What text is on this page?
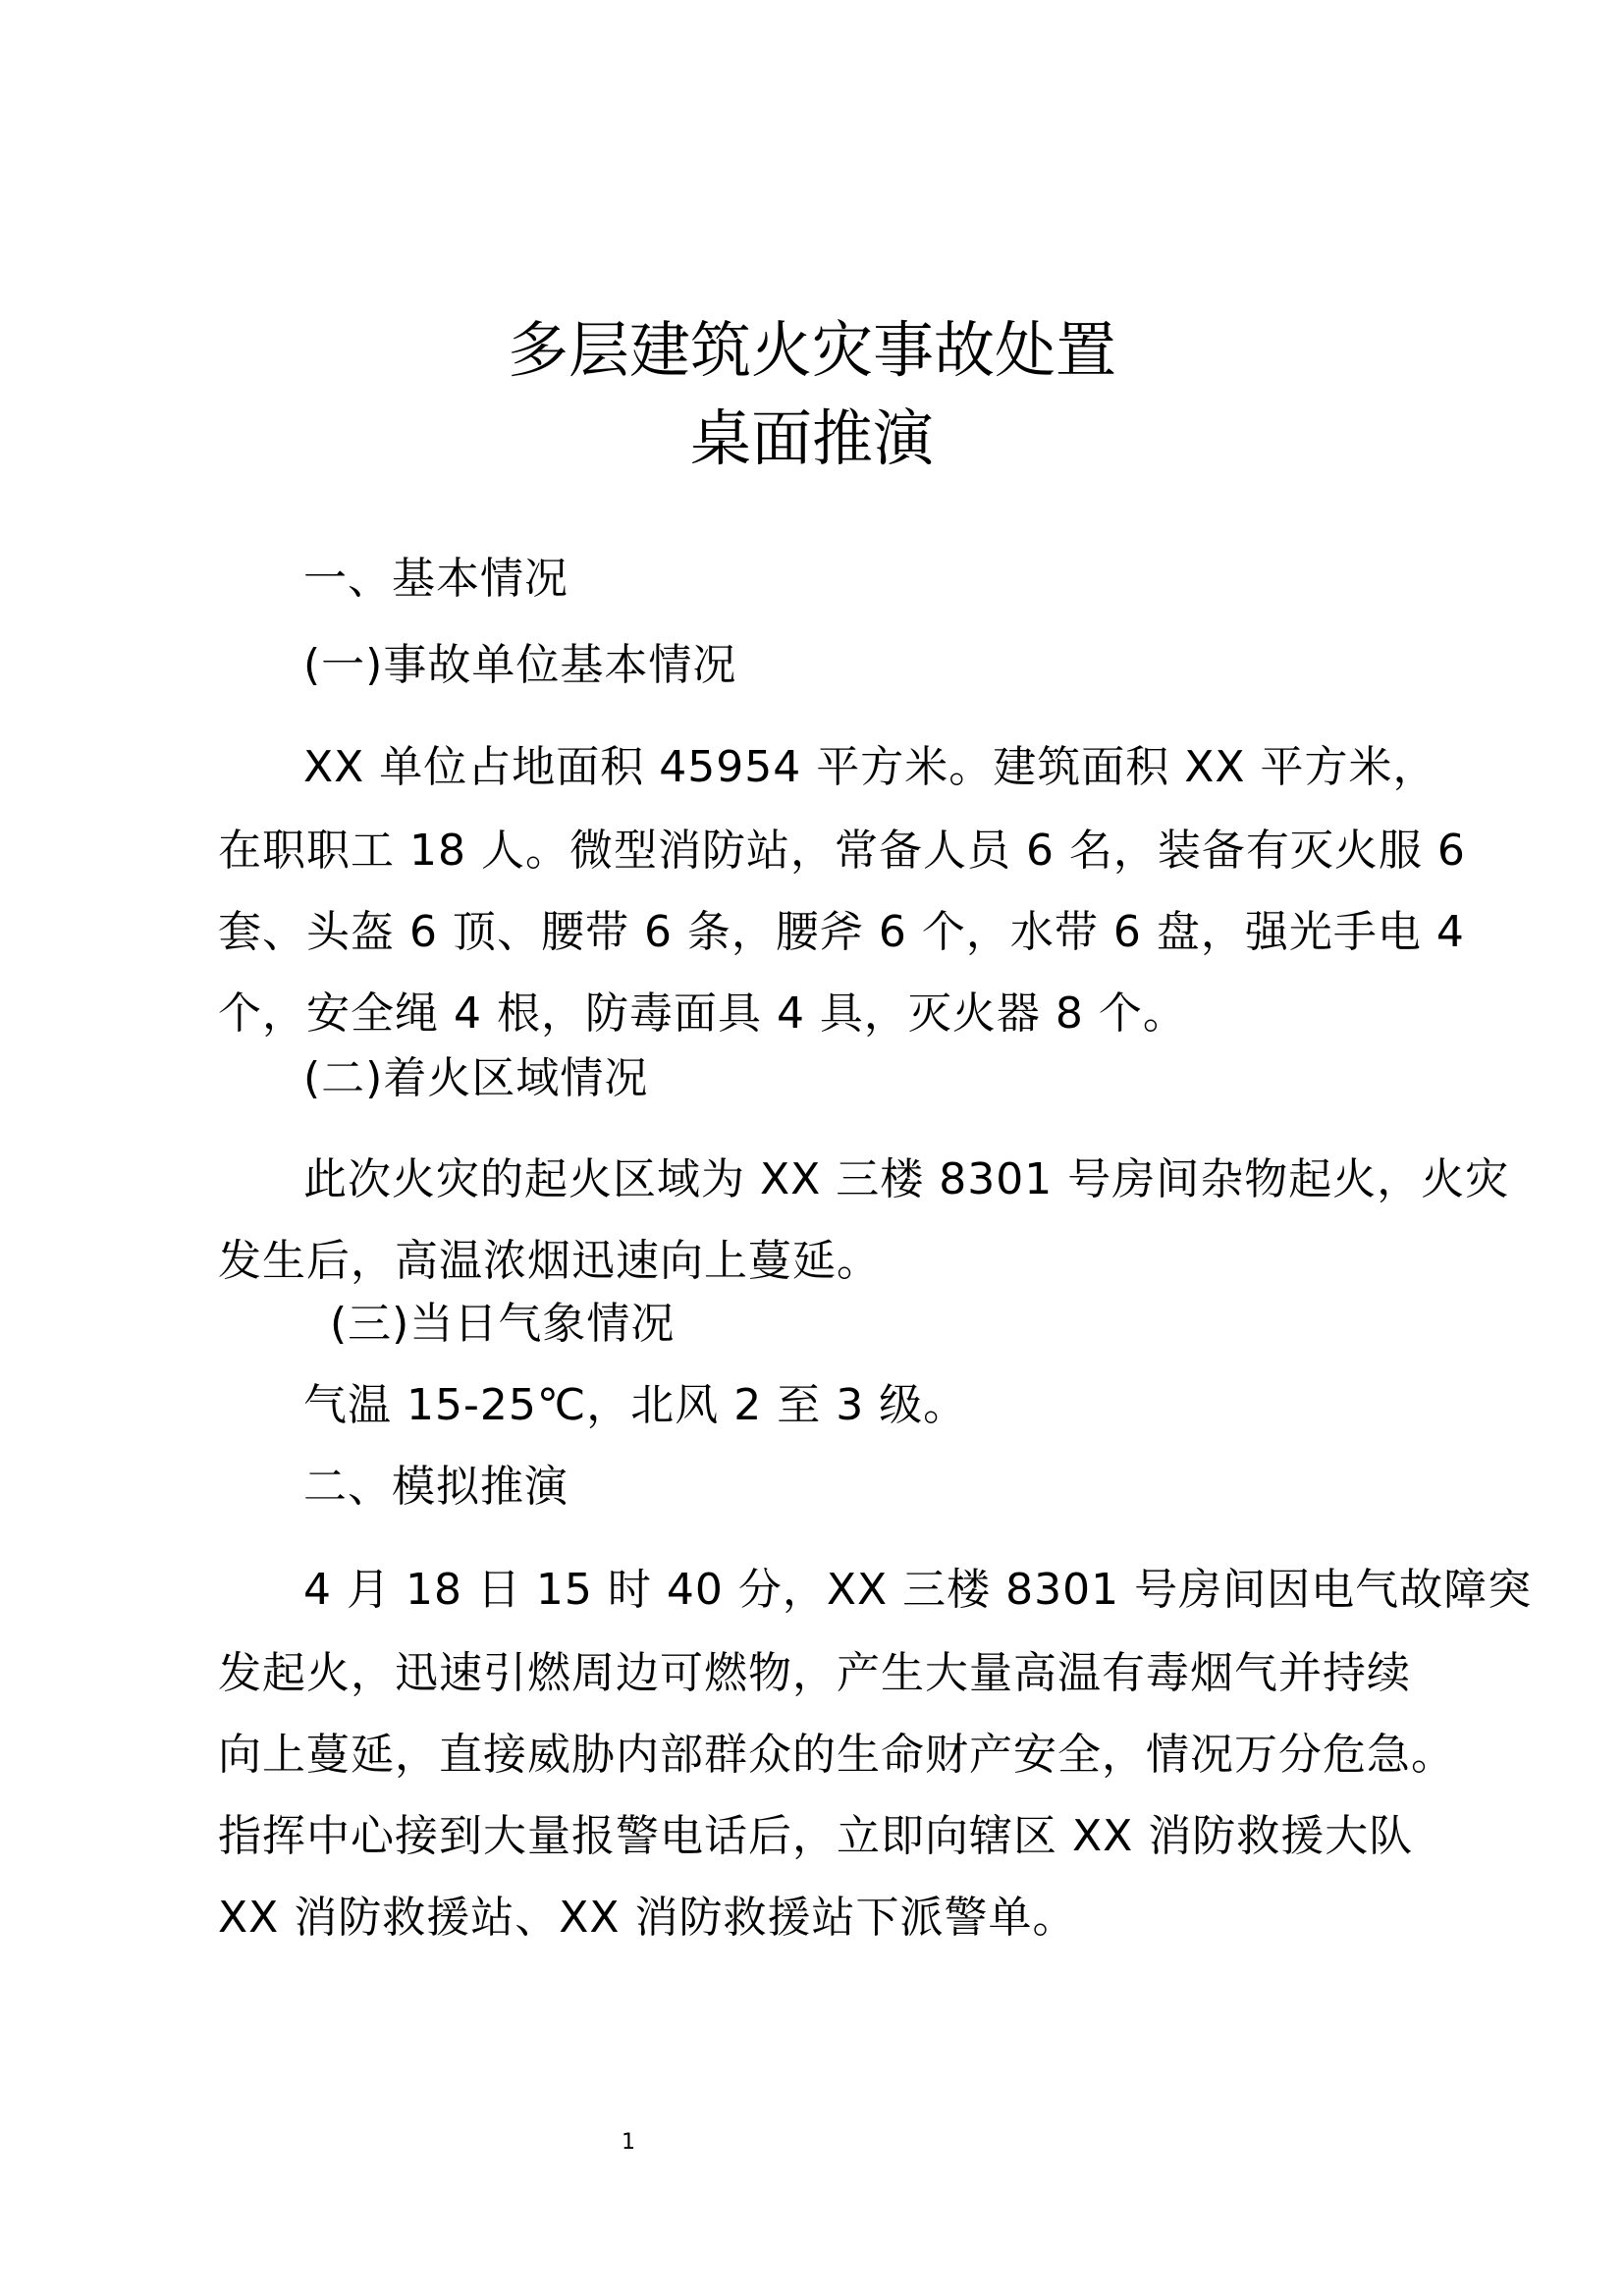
多层建筑火灾事故处置
桌面推演
一、基本情况
(一)事故单位基本情况
XX 单位占地面积 45954 平方米。建筑面积 XX 平方米，
在职职工 18 人。微型消防站，常备人员 6 名，装备有灭火服 6
套、头盔 6 顶、腰带 6 条，腰斧 6 个，水带 6 盘，强光手电 4
个，安全绳 4 根，防毒面具 4 具，灭火器 8 个。
(二)着火区域情况
此次火灾的起火区域为 XX 三楼 8301 号房间杂物起火，火灾
发生后，高温浓烟迅速向上蔓延。
(三)当日气象情况
气温 15-25℃，北风 2 至 3 级。
二、模拟推演
4 月 18 日 15 时 40 分，XX 三楼 8301 号房间因电气故障突
发起火，迅速引燃周边可燃物，产生大量高温有毒烟气并持续
向上蔓延，直接威胁内部群众的生命财产安全，情况万分危急。
指挥中心接到大量报警电话后，立即向辖区 XX 消防救援大队
XX 消防救援站、XX 消防救援站下派警单。
1
